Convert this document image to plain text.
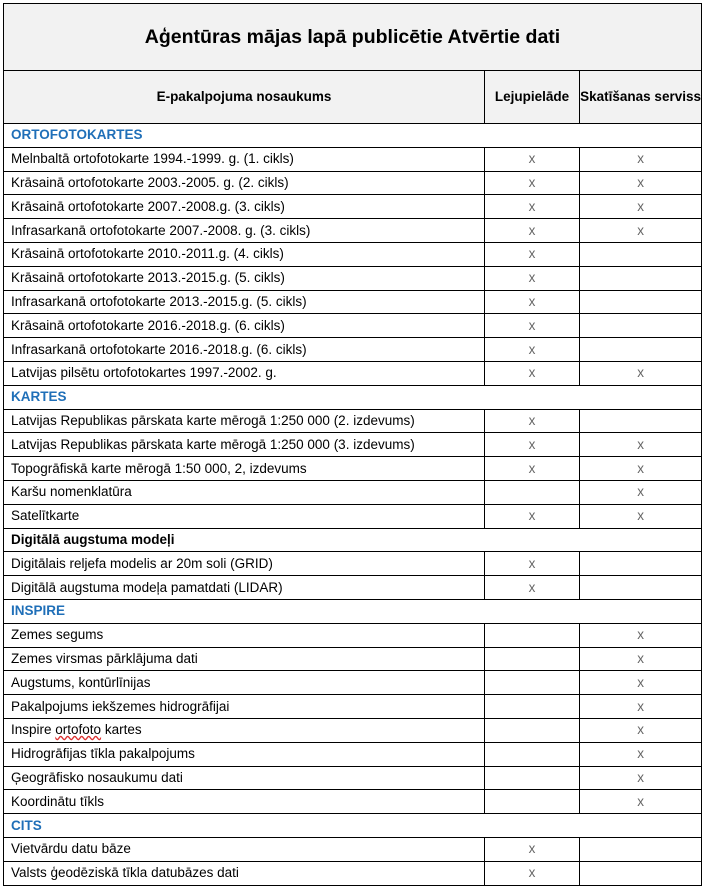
Aģentūras mājas lapā publicētie Atvērtie dati		
E-pakalpojuma nosaukums	Lejupielāde	Skatīšanas serviss
ORTOFOTOKARTES		
Melnbaltā ortofotokarte 1994.-1999. g. (1. cikls)	x	x
Krāsainā ortofotokarte 2003.-2005. g. (2. cikls)	x	x
Krāsainā ortofotokarte 2007.-2008.g. (3. cikls)	x	x
Infrasarkanā ortofotokarte 2007.-2008. g. (3. cikls)	x	x
Krāsainā ortofotokarte 2010.-2011.g. (4. cikls)	x	
Krāsainā ortofotokarte 2013.-2015.g. (5. cikls)	x	
Infrasarkanā ortofotokarte 2013.-2015.g. (5. cikls)	x	
Krāsainā ortofotokarte 2016.-2018.g. (6. cikls)	x	
Infrasarkanā ortofotokarte 2016.-2018.g. (6. cikls)	x	
Latvijas pilsētu ortofotokartes 1997.-2002. g.	x	x
KARTES		
Latvijas Republikas pārskata karte mērogā 1:250 000 (2. izdevums)	x	
Latvijas Republikas pārskata karte mērogā 1:250 000 (3. izdevums)	x	x
Topogrāfiskā karte mērogā 1:50 000, 2, izdevums	x	x
Karšu nomenklatūra		x
Satelītkarte	x	x
Digitālā augstuma modeļi		
Digitālais reljefa modelis ar 20m soli (GRID)	x	
Digitālā augstuma modeļa pamatdati (LIDAR)	x	
INSPIRE		
Zemes segums		x
Zemes virsmas pārklājuma dati		x
Augstums, kontūrlīnijas		x
Pakalpojums iekšzemes hidrogrāfijai		x
Inspire ortofoto kartes		x
Hidrogrāfijas tīkla pakalpojums		x
Ģeogrāfisko nosaukumu dati		x
Koordinātu tīkls		x
CITS		
Vietvārdu datu bāze	x	
Valsts ģeodēziskā tīkla datubāzes dati	x	
